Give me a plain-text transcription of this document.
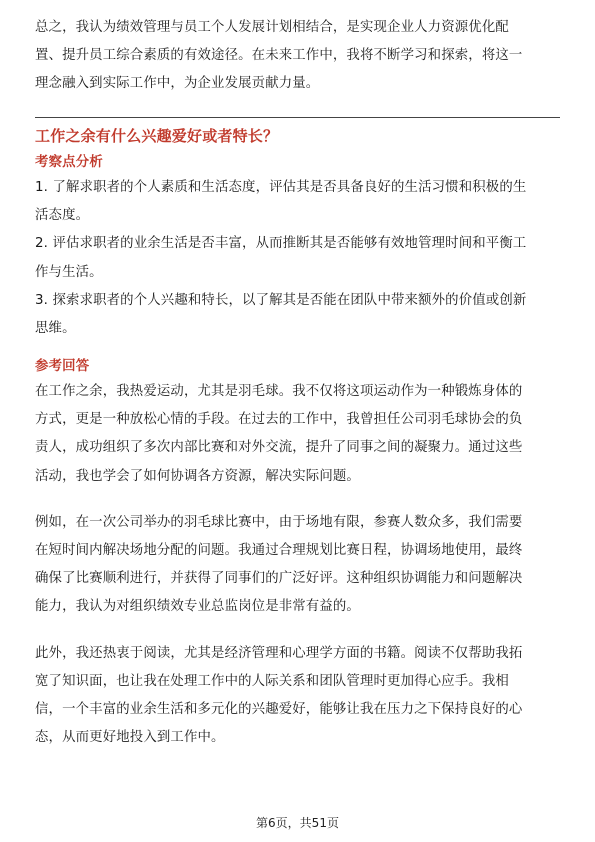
总之，我认为绩效管理与员工个人发展计划相结合，是实现企业人力资源优化配
置、提升员工综合素质的有效途径。在未来工作中，我将不断学习和探索，将这一
理念融入到实际工作中，为企业发展贡献力量。

工作之余有什么兴趣爱好或者特长？
考察点分析

1. 了解求职者的个人素质和生活态度，评估其是否具备良好的生活习惯和积极的生
活态度。

2. 评估求职者的业余生活是否丰富，从而推断其是否能够有效地管理时间和平衡工
作与生活。

3. 探索求职者的个人兴趣和特长，以了解其是否能在团队中带来额外的价值或创新
思维。

参考回答

在工作之余，我热爱运动，尤其是羽毛球。我不仅将这项运动作为一种锻炼身体的
方式，更是一种放松心情的手段。在过去的工作中，我曾担任公司羽毛球协会的负
责人，成功组织了多次内部比赛和对外交流，提升了同事之间的凝聚力。通过这些
活动，我也学会了如何协调各方资源，解决实际问题。

例如，在一次公司举办的羽毛球比赛中，由于场地有限，参赛人数众多，我们需要
在短时间内解决场地分配的问题。我通过合理规划比赛日程，协调场地使用，最终
确保了比赛顺利进行，并获得了同事们的广泛好评。这种组织协调能力和问题解决
能力，我认为对组织绩效专业总监岗位是非常有益的。

此外，我还热衷于阅读，尤其是经济管理和心理学方面的书籍。阅读不仅帮助我拓
宽了知识面，也让我在处理工作中的人际关系和团队管理时更加得心应手。我相
信，一个丰富的业余生活和多元化的兴趣爱好，能够让我在压力之下保持良好的心
态，从而更好地投入到工作中。

第6页，共51页
